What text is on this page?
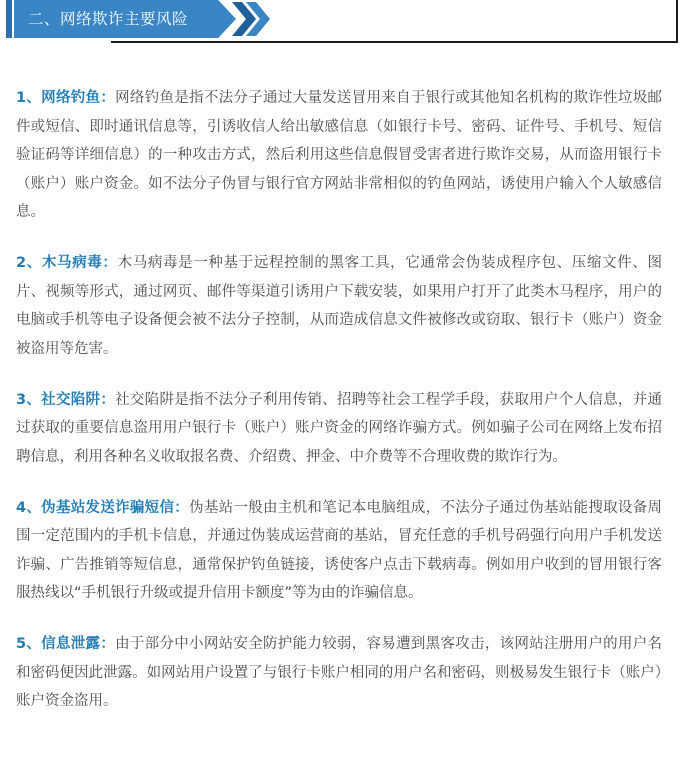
二、网络欺诈主要风险

1、网络钓鱼：网络钓鱼是指不法分子通过大量发送冒用来自于银行或其他知名机构的欺诈性垃圾邮件或短信、即时通讯信息等，引诱收信人给出敏感信息（如银行卡号、密码、证件号、手机号、短信验证码等详细信息）的一种攻击方式，然后利用这些信息假冒受害者进行欺诈交易，从而盗用银行卡（账户）账户资金。如不法分子伪冒与银行官方网站非常相似的钓鱼网站，诱使用户输入个人敏感信息。

2、木马病毒：木马病毒是一种基于远程控制的黑客工具，它通常会伪装成程序包、压缩文件、图片、视频等形式，通过网页、邮件等渠道引诱用户下载安装，如果用户打开了此类木马程序，用户的电脑或手机等电子设备便会被不法分子控制，从而造成信息文件被修改或窃取、银行卡（账户）资金被盗用等危害。

3、社交陷阱：社交陷阱是指不法分子利用传销、招聘等社会工程学手段，获取用户个人信息，并通过获取的重要信息盗用用户银行卡（账户）账户资金的网络诈骗方式。例如骗子公司在网络上发布招聘信息，利用各种名义收取报名费、介绍费、押金、中介费等不合理收费的欺诈行为。

4、伪基站发送诈骗短信：伪基站一般由主机和笔记本电脑组成，不法分子通过伪基站能搜取设备周围一定范围内的手机卡信息，并通过伪装成运营商的基站，冒充任意的手机号码强行向用户手机发送诈骗、广告推销等短信息，通常保护钓鱼链接，诱使客户点击下载病毒。例如用户收到的冒用银行客服热线以“手机银行升级或提升信用卡额度”等为由的诈骗信息。

5、信息泄露：由于部分中小网站安全防护能力较弱，容易遭到黑客攻击，该网站注册用户的用户名和密码便因此泄露。如网站用户设置了与银行卡账户相同的用户名和密码，则极易发生银行卡（账户）账户资金盗用。
